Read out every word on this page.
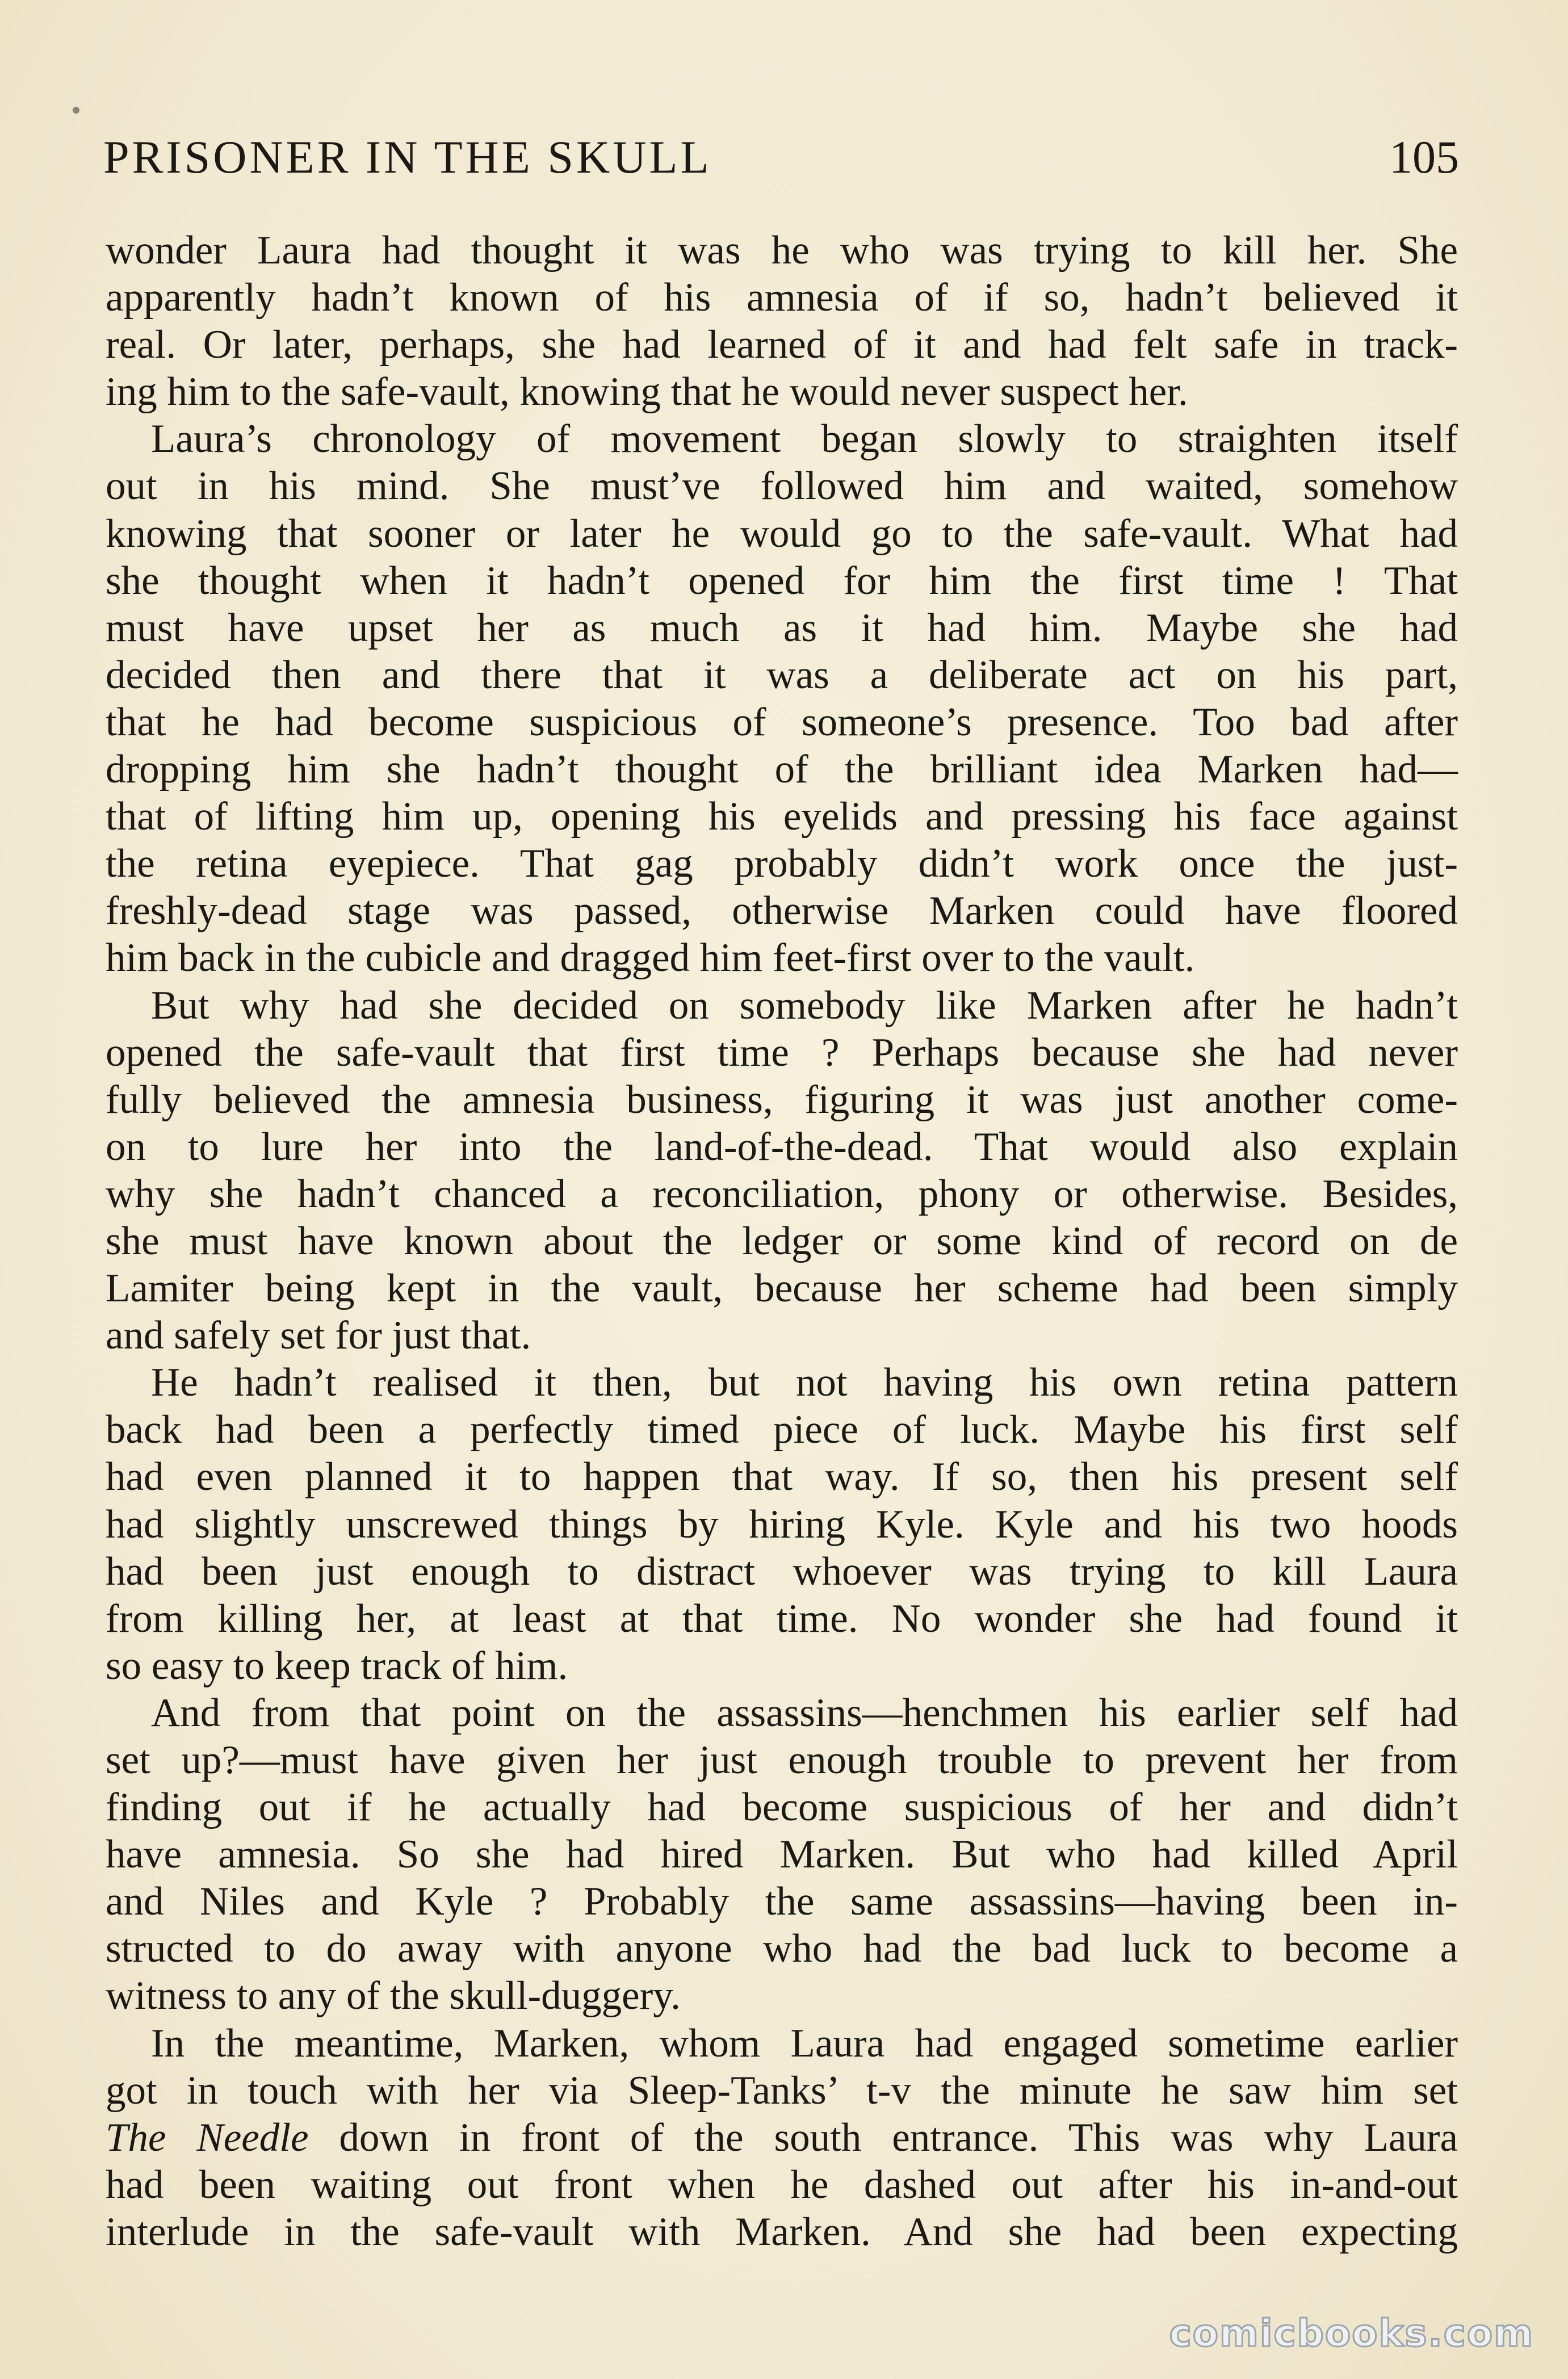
PRISONER IN THE SKULL	105
wonder Laura had thought it was he who was trying to kill her. She
apparently hadn’t known of his amnesia of if so, hadn’t believed it
real. Or later, perhaps, she had learned of it and had felt safe in track-
ing him to the safe-vault, knowing that he would never suspect her.
Laura’s chronology of movement began slowly to straighten itself
out in his mind. She must’ve followed him and waited, somehow
knowing that sooner or later he would go to the safe-vault. What had
she thought when it hadn’t opened for him the first time ! That
must have upset her as much as it had him. Maybe she had
decided then and there that it was a deliberate act on his part,
that he had become suspicious of someone’s presence. Too bad after
dropping him she hadn’t thought of the brilliant idea Marken had—
that of lifting him up, opening his eyelids and pressing his face against
the retina eyepiece. That gag probably didn’t work once the just-
freshly-dead stage was passed, otherwise Marken could have floored
him back in the cubicle and dragged him feet-first over to the vault.
But why had she decided on somebody like Marken after he hadn’t
opened the safe-vault that first time ? Perhaps because she had never
fully believed the amnesia business, figuring it was just another come-
on to lure her into the land-of-the-dead. That would also explain
why she hadn’t chanced a reconciliation, phony or otherwise. Besides,
she must have known about the ledger or some kind of record on de
Lamiter being kept in the vault, because her scheme had been simply
and safely set for just that.
He hadn’t realised it then, but not having his own retina pattern
back had been a perfectly timed piece of luck. Maybe his first self
had even planned it to happen that way. If so, then his present self
had slightly unscrewed things by hiring Kyle. Kyle and his two hoods
had been just enough to distract whoever was trying to kill Laura
from killing her, at least at that time. No wonder she had found it
so easy to keep track of him.
And from that point on the assassins—henchmen his earlier self had
set up?—must have given her just enough trouble to prevent her from
finding out if he actually had become suspicious of her and didn’t
have amnesia. So she had hired Marken. But who had killed April
and Niles and Kyle ? Probably the same assassins—having been in-
structed to do away with anyone who had the bad luck to become a
witness to any of the skull-duggery.
In the meantime, Marken, whom Laura had engaged sometime earlier
got in touch with her via Sleep-Tanks’ t-v the minute he saw him set
The Needle down in front of the south entrance. This was why Laura
had been waiting out front when he dashed out after his in-and-out
interlude in the safe-vault with Marken. And she had been expecting
comicbooks.com
